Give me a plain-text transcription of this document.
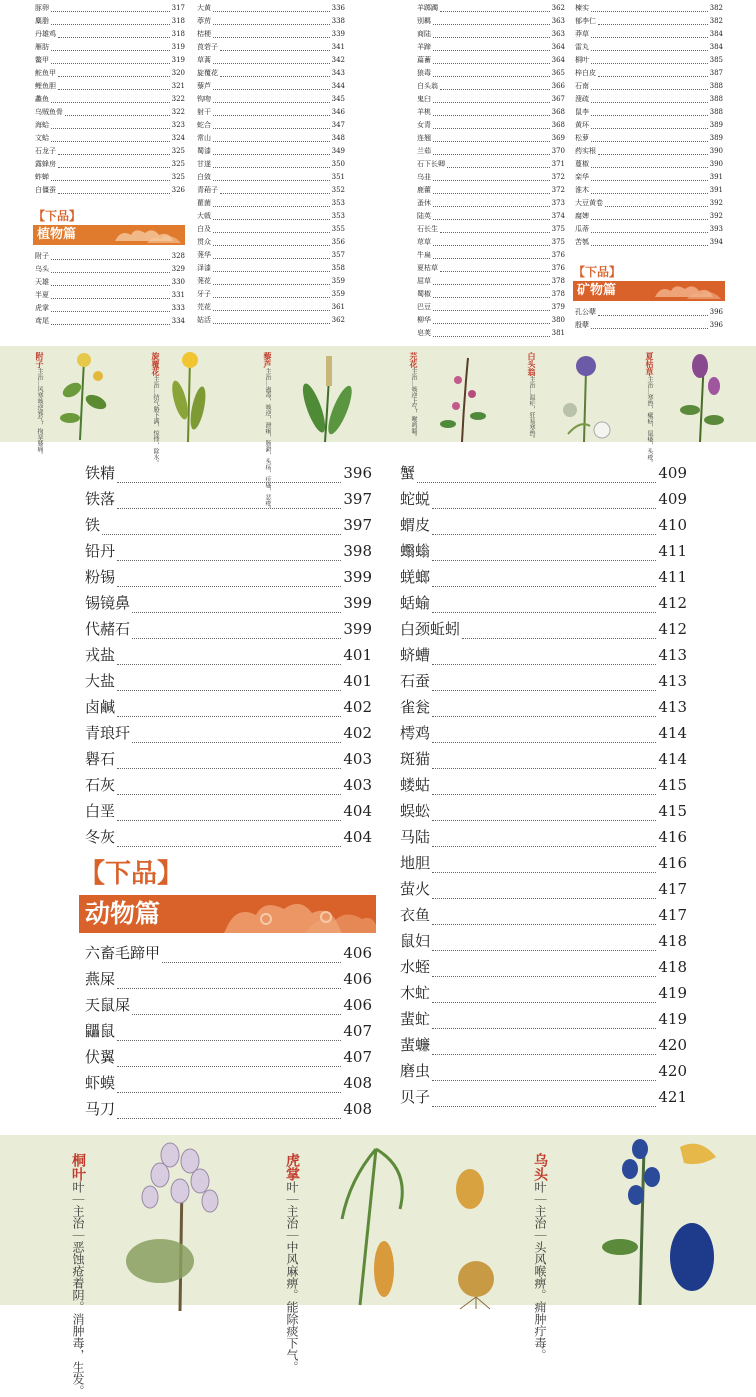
豚卵	317
麋脂	318
丹雄鸡	318
雁肪	319
鳖甲	319
鮀鱼甲	320
鲤鱼胆	321
蠡鱼	322
乌贼鱼骨	322
海蛤	323
文蛤	324
石龙子	325
露蜂房	325
蚱蝉	325
白僵蚕	326
附子	328
乌头	329
天雄	330
半夏	331
虎掌	333
鸢尾	334
大黄	336
葶苈	338
桔梗	339
莨菪子	341
草蒿	342
旋覆花	343
藜芦	344
钩吻	345
射干	346
蛇合	347
常山	348
蜀漆	349
甘遂	350
白敛	351
青葙子	352
雚菌	353
大戟	353
白及	355
贯众	356
荛华	357
泽漆	358
荛花	359
牙子	359
芫花	361
姑活	362
羊踯躅	362
别羁	363
商陆	363
羊蹄	364
萹蓄	364
狼毒	365
白头翁	366
鬼臼	367
羊桃	368
女青	368
连翘	369
兰茹	370
石下长卿	371
乌韭	372
鹿藿	372
蚤休	373
陆英	374
石长生	375
荩草	375
牛扁	376
夏枯草	376
屈草	378
蜀椒	378
巴豆	379
柳华	380
皂荚	381
楝实	382
郁李仁	382
莽草	384
雷丸	384
桐叶	385
梓白皮	387
石南	388
溲疏	388
鼠李	388
黄环	389
松萝	389
药实根	390
蔓椒	390
栾华	391
淮木	391
大豆黄卷	392
腐婢	392
瓜蒂	393
苦瓠	394
孔公孽	396
殷孽	396
【下品】
植物篇
【下品】
矿物篇
附子主治…风寒咳逆邪气，拘挛膝痛。
旋覆花主治…结气胁下满，惊悸，除水。
藜芦主治…蛊毒，咳逆，泄痢，肠澼，头疡，疥瘙，恶疮。
芫花主治…咳逆上气，喉鸣喘。
白头翁主治…温疟，狂易寒热。
夏枯草主治…寒热，瘰疬，鼠瘘，头疮。
铁精	396
铁落	397
铁	397
铅丹	398
粉锡	399
锡镜鼻	399
代赭石	399
戎盐	401
大盐	401
卤鹹	402
青琅玕	402
礜石	403
石灰	403
白垩	404
冬灰	404
【下品】
动物篇
六畜毛蹄甲	406
燕屎	406
天鼠屎	406
鼺鼠	407
伏翼	407
虾蟆	408
马刀	408
蟹	409
蛇蜕	409
蝟皮	410
蠮螉	411
蜣螂	411
蛞蝓	412
白颈蚯蚓	412
蛴螬	413
石蚕	413
雀瓮	413
樗鸡	414
斑猫	414
蝼蛄	415
蜈蚣	415
马陆	416
地胆	416
萤火	417
衣鱼	417
鼠妇	418
水蛭	418
木虻	419
蜚虻	419
蜚蠊	420
磨虫	420
贝子	421
桐叶叶｜主治｜恶蚀疮着阴。消肿毒，生发。
虎掌叶｜主治｜中风麻痹。能除痰下气。
乌头叶｜主治｜头风喉痹。痈肿疔毒。
